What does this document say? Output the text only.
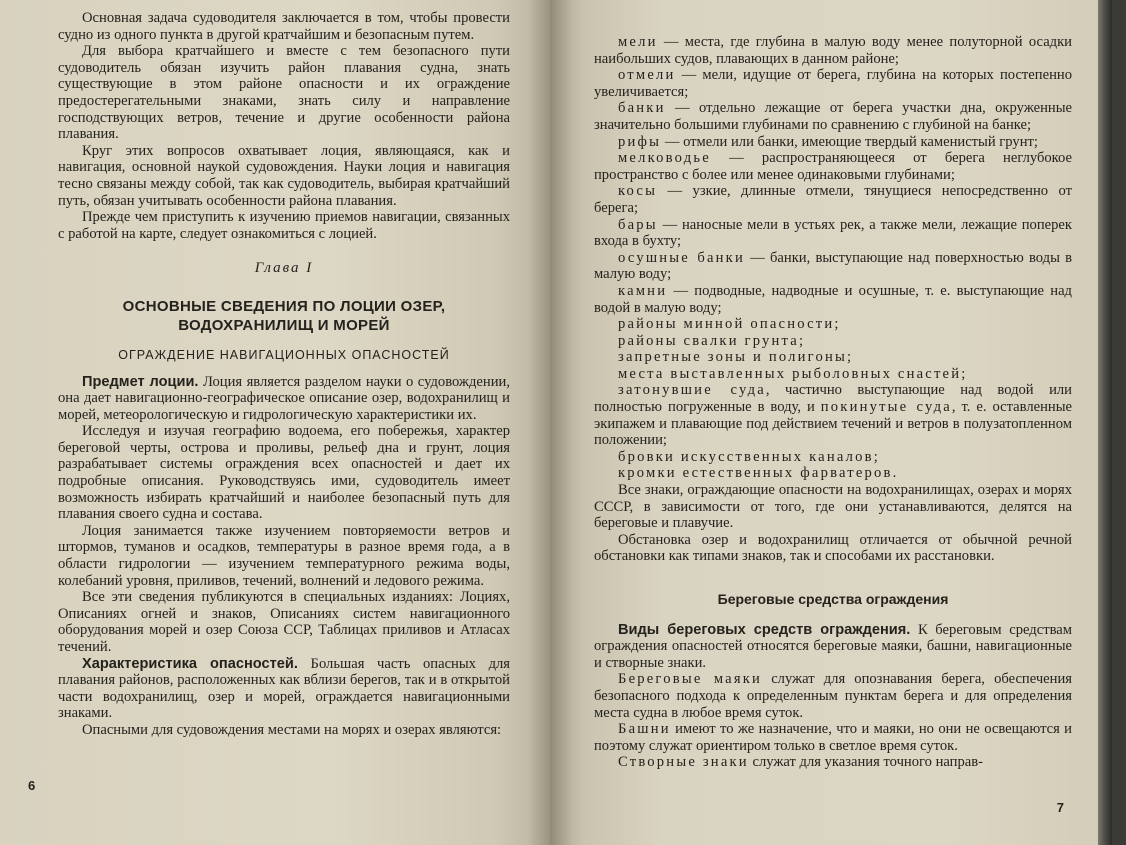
Основная задача судоводителя заключается в том, чтобы провести судно из одного пункта в другой кратчайшим и безопасным путем.

Для выбора кратчайшего и вместе с тем безопасного пути судоводитель обязан изучить район плавания судна, знать существующие в этом районе опасности и их ограждение предостерегательными знаками, знать силу и направление господствующих ветров, течение и другие особенности района плавания.

Круг этих вопросов охватывает лоция, являющаяся, как и навигация, основной наукой судовождения. Науки лоция и навигация тесно связаны между собой, так как судоводитель, выбирая кратчайший путь, обязан учитывать особенности района плавания.

Прежде чем приступить к изучению приемов навигации, связанных с работой на карте, следует ознакомиться с лоцией.

Глава I

ОСНОВНЫЕ СВЕДЕНИЯ ПО ЛОЦИИ ОЗЕР,
ВОДОХРАНИЛИЩ И МОРЕЙ

ОГРАЖДЕНИЕ НАВИГАЦИОННЫХ ОПАСНОСТЕЙ

Предмет лоции. Лоция является разделом науки о судовождении, она дает навигационно-географическое описание озер, водохранилищ и морей, метеорологическую и гидрологическую характеристики их.

Исследуя и изучая географию водоема, его побережья, характер береговой черты, острова и проливы, рельеф дна и грунт, лоция разрабатывает системы ограждения всех опасностей и дает их подробные описания. Руководствуясь ими, судоводитель имеет возможность избирать кратчайший и наиболее безопасный путь для плавания своего судна и состава.

Лоция занимается также изучением повторяемости ветров и штормов, туманов и осадков, температуры в разное время года, а в области гидрологии — изучением температурного режима воды, колебаний уровня, приливов, течений, волнений и ледового режима.

Все эти сведения публикуются в специальных изданиях: Лоциях, Описаниях огней и знаков, Описаниях систем навигационного оборудования морей и озер Союза ССР, Таблицах приливов и Атласах течений.

Характеристика опасностей. Большая часть опасных для плавания районов, расположенных как вблизи берегов, так и в открытой части водохранилищ, озер и морей, ограждается навигационными знаками.

Опасными для судовождения местами на морях и озерах являются:

6

мели — места, где глубина в малую воду менее полуторной осадки наибольших судов, плавающих в данном районе;

отмели — мели, идущие от берега, глубина на которых постепенно увеличивается;

банки — отдельно лежащие от берега участки дна, окруженные значительно большими глубинами по сравнению с глубиной на банке;

рифы — отмели или банки, имеющие твердый каменистый грунт;

мелководье — распространяющееся от берега неглубокое пространство с более или менее одинаковыми глубинами;

косы — узкие, длинные отмели, тянущиеся непосредственно от берега;

бары — наносные мели в устьях рек, а также мели, лежащие поперек входа в бухту;

осушные банки — банки, выступающие над поверхностью воды в малую воду;

камни — подводные, надводные и осушные, т. е. выступающие над водой в малую воду;

районы минной опасности;

районы свалки грунта;

запретные зоны и полигоны;

места выставленных рыболовных снастей;

затонувшие суда, частично выступающие над водой или полностью погруженные в воду, и покинутые суда, т. е. оставленные экипажем и плавающие под действием течений и ветров в полузатопленном положении;

бровки искусственных каналов;

кромки естественных фарватеров.

Все знаки, ограждающие опасности на водохранилищах, озерах и морях СССР, в зависимости от того, где они устанавливаются, делятся на береговые и плавучие.

Обстановка озер и водохранилищ отличается от обычной речной обстановки как типами знаков, так и способами их расстановки.

Береговые средства ограждения

Виды береговых средств ограждения. К береговым средствам ограждения опасностей относятся береговые маяки, башни, навигационные и створные знаки.

Береговые маяки служат для опознавания берега, обеспечения безопасного подхода к определенным пунктам берега и для определения места судна в любое время суток.

Башни имеют то же назначение, что и маяки, но они не освещаются и поэтому служат ориентиром только в светлое время суток.

Створные знаки служат для указания точного направ-

7
